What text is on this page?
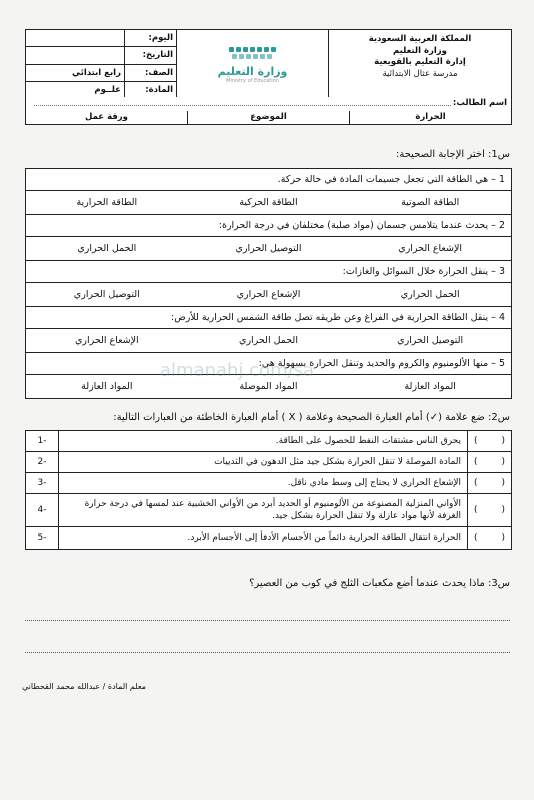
المملكة العربية السعودية
وزارة التعليم
إدارة التعليم بالقويعية
مدرسة عثال الابتدائية
وزارة التعليم
Ministry of Education
اليوم:
التاريخ:
الصف:
رابع ابتدائي
المادة:
علــوم
اسم الطالب:
الحرارة
الموضوع
ورقة عمل
س1: اختر الإجابة الصحيحة:
1 – هي الطاقة التي تجعل جسيمات المادة في حالة حركة.
الطاقة الصوتية
الطاقة الحركية
الطاقة الحرارية
2 – يحدث عندما يتلامس جسمان (مواد صلبة) مختلفان في درجة الحرارة:
الإشعاع الحراري
التوصيل الحراري
الحمل الحراري
3 – ينقل الحرارة خلال السوائل والغازات:
الحمل الحراري
الإشعاع الحراري
التوصيل الحراري
4 – ينقل الطاقة الحرارية في الفراغ وعن طريقه تصل طاقة الشمس الحرارية للأرض:
التوصيل الحراري
الحمل الحراري
الإشعاع الحراري
5 – منها الألومنيوم والكروم والحديد وتنقل الحرارة بسهولة هي:
المواد العازلة
المواد الموصلة
المواد العازلة
almanahj.com/sa
س2: ضع علامة (✓) أمام العبارة الصحيحة وعلامة ( X ) أمام العبارة الخاطئة من العبارات التالية:
(
)
يحرق الناس مشتقات النفط للحصول على الطاقة.
1-
(
)
المادة الموصلة لا تنقل الحرارة بشكل جيد مثل الدهون في الثدييات
2-
(
)
الإشعاع الحراري لا يحتاج إلى وسط مادي ناقل.
3-
(
)
الأواني المنزلية المصنوعة من الألومنيوم أو الحديد أبرد من الأواني الخشبية عند لمسها في درجة حرارة الغرفة لأنها مواد عازلة ولا تنقل الحرارة بشكل جيد.
4-
(
)
الحرارة انتقال الطاقة الحرارية دائماً من الأجسام الأدفأ إلى الأجسام الأبرد.
5-
س3: ماذا يحدث عندما أضع مكعبات الثلج في كوب من العصير؟
معلم المادة / عبدالله محمد القحطاني
